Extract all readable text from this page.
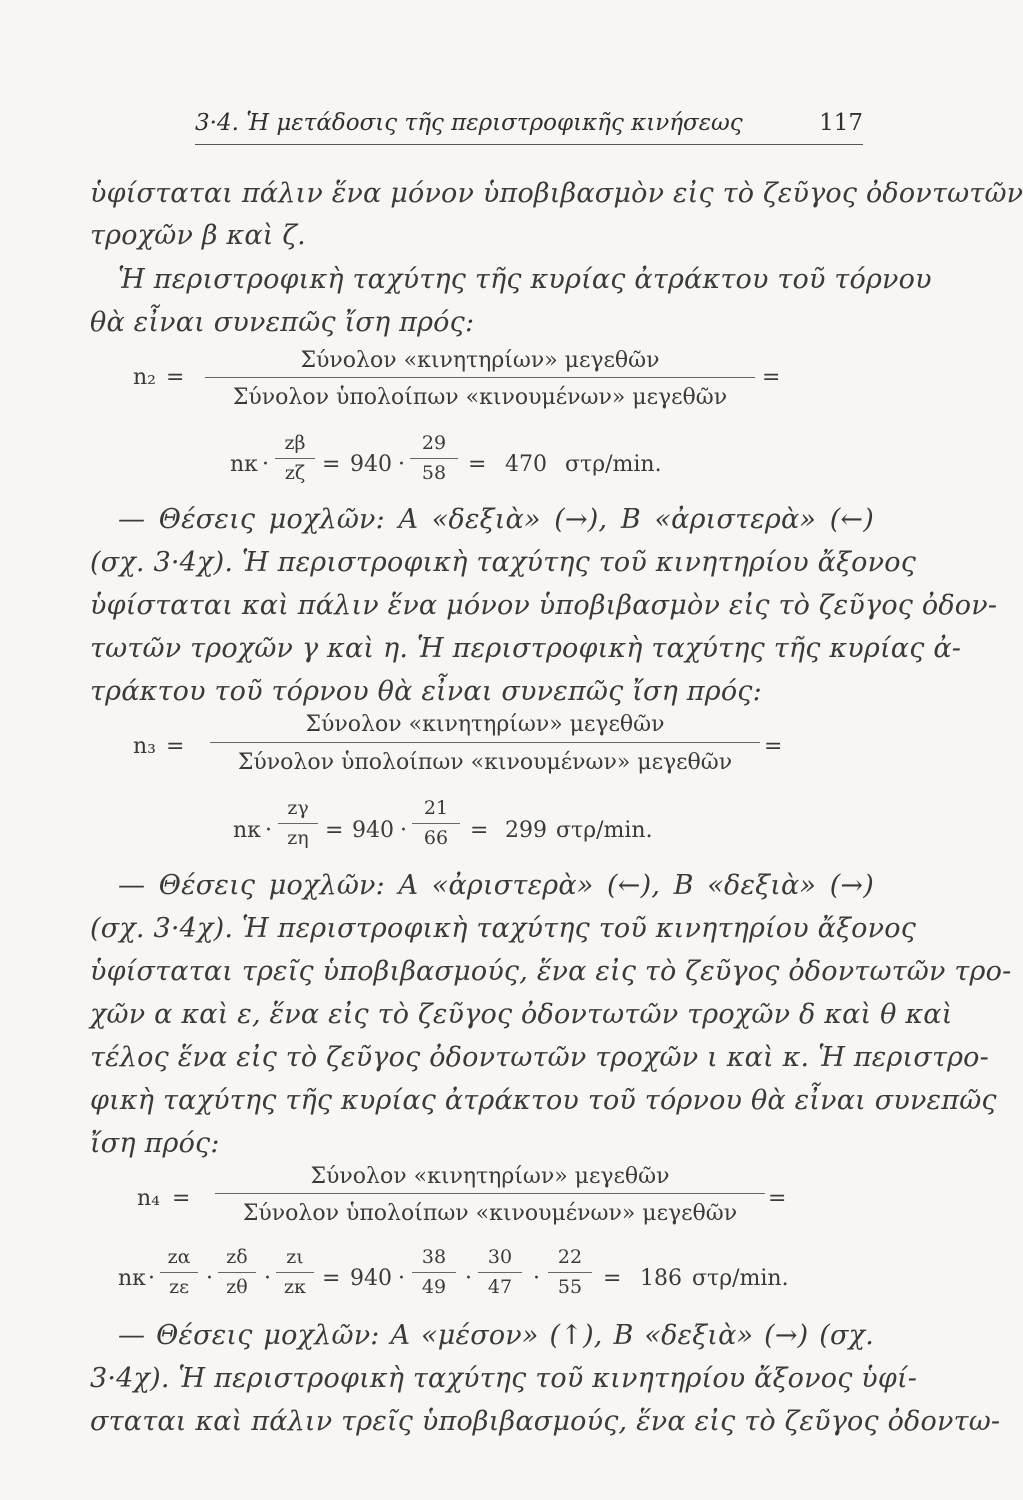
3·4. Ἡ μετάδοσις τῆς περιστροφικῆς κινήσεως	117
ὑφίσταται πάλιν ἕνα μόνον ὑποβιβασμὸν εἰς τὸ ζεῦγος ὀδοντωτῶν
τροχῶν β καὶ ζ.
Ἡ περιστροφικὴ ταχύτης τῆς κυρίας ἀτράκτου τοῦ τόρνου
θὰ εἶναι συνεπῶς ἴση πρός:
n₂ =
Σύνολον «κινητηρίων» μεγεθῶν
Σύνολον ὑπολοίπων «κινουμένων» μεγεθῶν
=
nκ ·
zβ
zζ = 940 ·
29
58 = 470 στρ/min.
— Θέσεις μοχλῶν: Α «δεξιὰ» (→), Β «ἀριστερὰ» (←)
(σχ. 3·4χ). Ἡ περιστροφικὴ ταχύτης τοῦ κινητηρίου ἄξονος
ὑφίσταται καὶ πάλιν ἕνα μόνον ὑποβιβασμὸν εἰς τὸ ζεῦγος ὀδον-
τωτῶν τροχῶν γ καὶ η. Ἡ περιστροφικὴ ταχύτης τῆς κυρίας ἀ-
τράκτου τοῦ τόρνου θὰ εἶναι συνεπῶς ἴση πρός:
n₃ =
Σύνολον «κινητηρίων» μεγεθῶν
Σύνολον ὑπολοίπων «κινουμένων» μεγεθῶν
=
nκ ·
zγ
zη = 940 ·
21
66 = 299 στρ/min.
— Θέσεις μοχλῶν: Α «ἀριστερὰ» (←), Β «δεξιὰ» (→)
(σχ. 3·4χ). Ἡ περιστροφικὴ ταχύτης τοῦ κινητηρίου ἄξονος
ὑφίσταται τρεῖς ὑποβιβασμούς, ἕνα εἰς τὸ ζεῦγος ὀδοντωτῶν τρο-
χῶν α καὶ ε, ἕνα εἰς τὸ ζεῦγος ὀδοντωτῶν τροχῶν δ καὶ θ καὶ
τέλος ἕνα εἰς τὸ ζεῦγος ὀδοντωτῶν τροχῶν ι καὶ κ. Ἡ περιστρο-
φικὴ ταχύτης τῆς κυρίας ἀτράκτου τοῦ τόρνου θὰ εἶναι συνεπῶς
ἴση πρός:
n₄ =
Σύνολον «κινητηρίων» μεγεθῶν
Σύνολον ὑπολοίπων «κινουμένων» μεγεθῶν
=
nκ ·
zα
zε ·
zδ
zθ ·
zι
zκ = 940 ·
38
49 ·
30
47 ·
22
55 = 186 στρ/min.
— Θέσεις μοχλῶν: Α «μέσον» (↑), Β «δεξιὰ» (→) (σχ.
3·4χ). Ἡ περιστροφικὴ ταχύτης τοῦ κινητηρίου ἄξονος ὑφί-
σταται καὶ πάλιν τρεῖς ὑποβιβασμούς, ἕνα εἰς τὸ ζεῦγος ὀδοντω-
